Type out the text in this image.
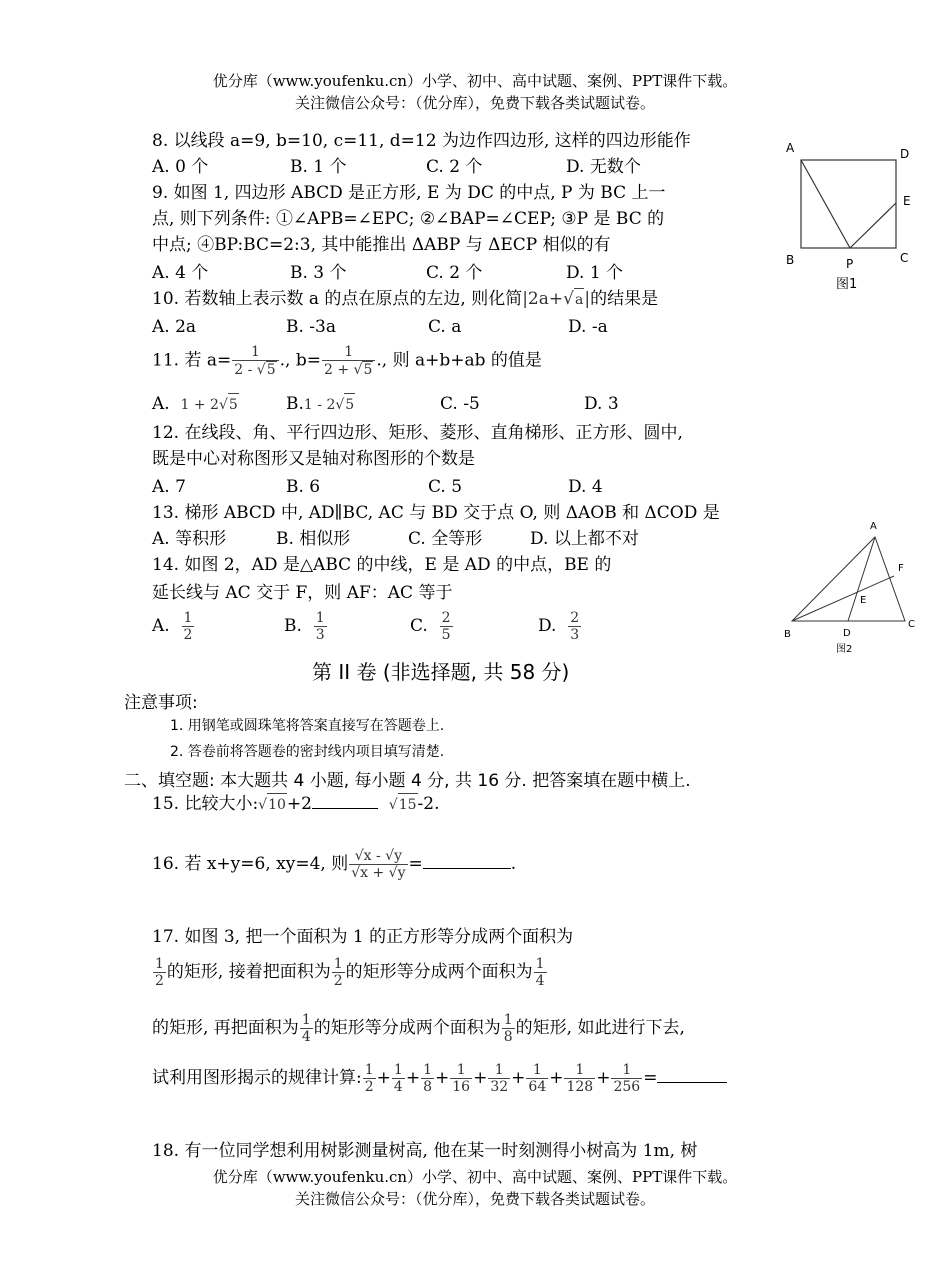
优分库（www.youfenku.cn）小学、初中、高中试题、案例、PPT课件下载。
关注微信公众号：（优分库），免费下载各类试题试卷。
8. 以线段 a=9, b=10, c=11, d=12 为边作四边形, 这样的四边形能作
A. 0 个	B. 1 个	C. 2 个	D. 无数个
9. 如图 1, 四边形 ABCD 是正方形, E 为 DC 的中点, P 为 BC 上一
点, 则下列条件: ①∠APB=∠EPC; ②∠BAP=∠CEP; ③P 是 BC 的
中点; ④BP:BC=2:3, 其中能推出 ΔABP 与 ΔECP 相似的有
A. 4 个	B. 3 个	C. 2 个	D. 1 个
10. 若数轴上表示数 a 的点在原点的左边, 则化简|2a+√a|的结果是
A. 2a	B. -3a	C. a	D. -a
11. 若 $a= \frac{1}{2 - √5}$ ., $b= \frac{1}{2 + √5}$ ., 则 a+b+ab 的值是
A. 1 + 2√5	B.1 - 2√5	C. -5	D. 3
12. 在线段、角、平行四边形、矩形、菱形、直角梯形、正方形、圆中,
既是中心对称图形又是轴对称图形的个数是
A. 7	B. 6	C. 5	D. 4
13. 梯形 ABCD 中, AD∥BC, AC 与 BD 交于点 O, 则 ΔAOB 和 ΔCOD 是
A. 等积形	B. 相似形	C. 全等形	D. 以上都不对
14. 如图 2，AD 是△ABC 的中线，E 是 AD 的中点，BE 的
延长线与 AC 交于 F，则 AF：AC 等于
A. $\frac{1}{2}$	B. $\frac{1}{3}$	C. $\frac{2}{5}$	D. $\frac{2}{3}$
第 II 卷 (非选择题, 共 58 分)
注意事项:
1. 用钢笔或圆珠笔将答案直接写在答题卷上.
2. 答卷前将答题卷的密封线内项目填写清楚.
二、填空题: 本大题共 4 小题, 每小题 4 分, 共 16 分. 把答案填在题中横上.
15. 比较大小:√10+2	√15-2.
16. 若 x+y=6, xy=4, 则 $\frac{√x - √y}{√x + √y}$ =	.
17. 如图 3, 把一个面积为 1 的正方形等分成两个面积为
$\frac{1}{2}$ 的矩形, 接着把面积为 $\frac{1}{2}$ 的矩形等分成两个面积为 $\frac{1}{4}$
的矩形, 再把面积为 $\frac{1}{4}$ 的矩形等分成两个面积为 $\frac{1}{8}$ 的矩形, 如此进行下去,
试利用图形揭示的规律计算: $\frac{1}{2} + \frac{1}{4} + \frac{1}{8} + \frac{1}{16} + \frac{1}{32} + \frac{1}{64} + \frac{1}{128} + \frac{1}{256}$ =
18. 有一位同学想利用树影测量树高, 他在某一时刻测得小树高为 1m, 树
优分库（www.youfenku.cn）小学、初中、高中试题、案例、PPT课件下载。
关注微信公众号：（优分库），免费下载各类试题试卷。
A	D
E
B	P	C
图1
A
F
E
B	D
C
图2
